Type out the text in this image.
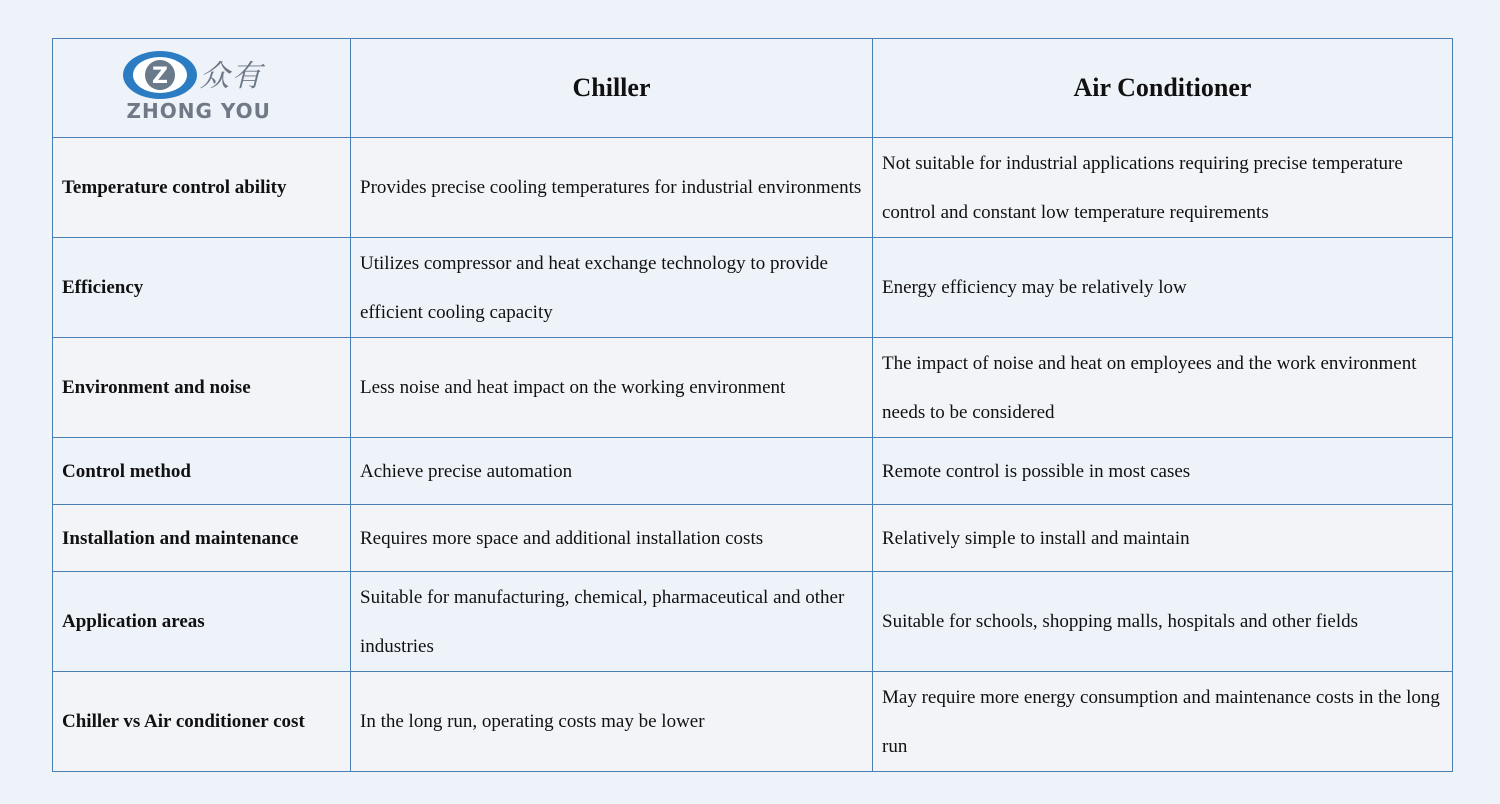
Z 众有
ZHONG YOU	Chiller	Air Conditioner
Temperature control ability	Provides precise cooling temperatures for industrial environments	Not suitable for industrial applications requiring precise temperature control and constant low temperature requirements
Efficiency	Utilizes compressor and heat exchange technology to provide efficient cooling capacity	Energy efficiency may be relatively low
Environment and noise	Less noise and heat impact on the working environment	The impact of noise and heat on employees and the work environment needs to be considered
Control method	Achieve precise automation	Remote control is possible in most cases
Installation and maintenance	Requires more space and additional installation costs	Relatively simple to install and maintain
Application areas	Suitable for manufacturing, chemical, pharmaceutical and other industries	Suitable for schools, shopping malls, hospitals and other fields
Chiller vs Air conditioner cost	In the long run, operating costs may be lower	May require more energy consumption and maintenance costs in the long run
